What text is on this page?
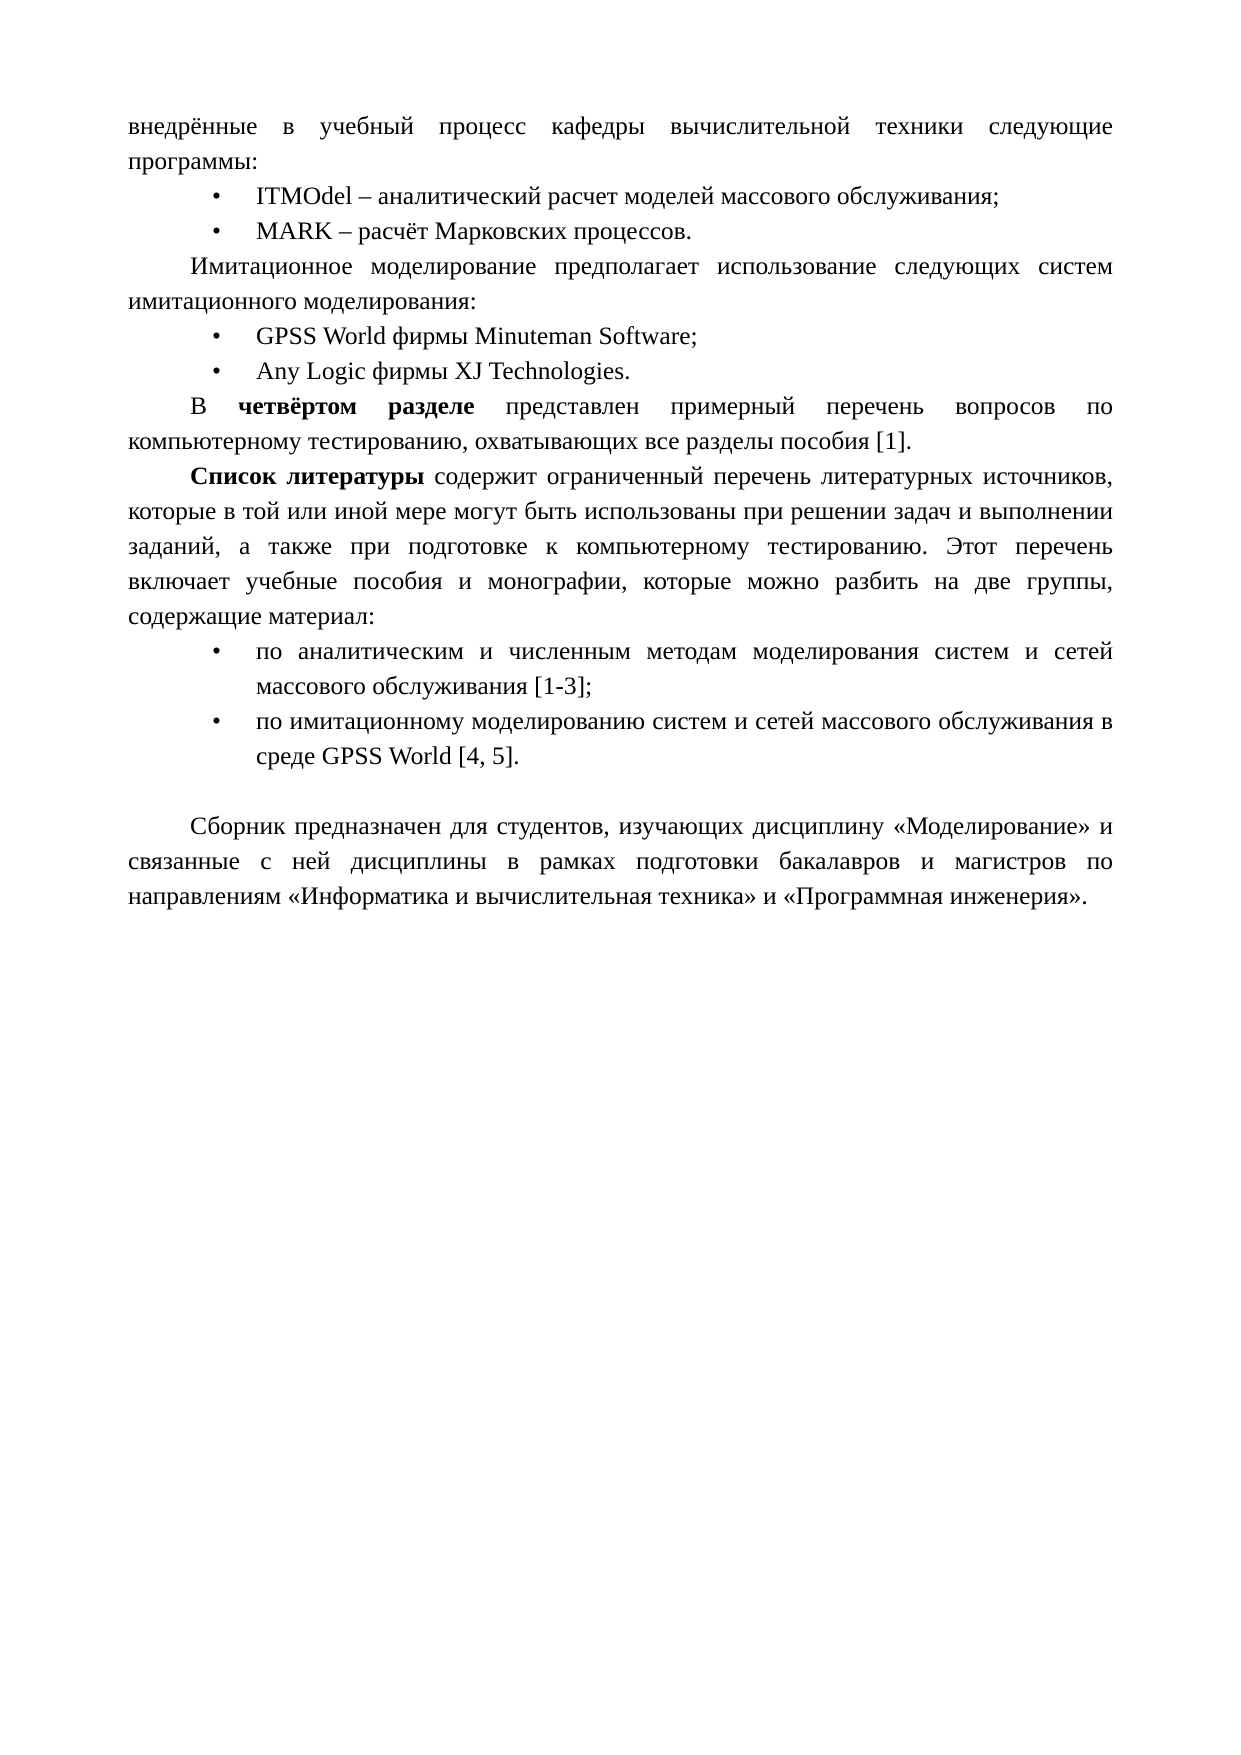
внедрённые в учебный процесс кафедры вычислительной техники следующие программы:

• ITMOdel – аналитический расчет моделей массового обслуживания;
• MARK – расчёт Марковских процессов.

Имитационное моделирование предполагает использование следующих систем имитационного моделирования:

• GPSS World фирмы Minuteman Software;
• Any Logic фирмы XJ Technologies.

В четвёртом разделе представлен примерный перечень вопросов по компьютерному тестированию, охватывающих все разделы пособия [1].

Список литературы содержит ограниченный перечень литературных источников, которые в той или иной мере могут быть использованы при решении задач и выполнении заданий, а также при подготовке к компьютерному тестированию. Этот перечень включает учебные пособия и монографии, которые можно разбить на две группы, содержащие материал:

• по аналитическим и численным методам моделирования систем и сетей массового обслуживания [1-3];
• по имитационному моделированию систем и сетей массового обслуживания в среде GPSS World [4, 5].

Сборник предназначен для студентов, изучающих дисциплину «Моделирование» и связанные с ней дисциплины в рамках подготовки бакалавров и магистров по направлениям «Информатика и вычислительная техника» и «Программная инженерия».
